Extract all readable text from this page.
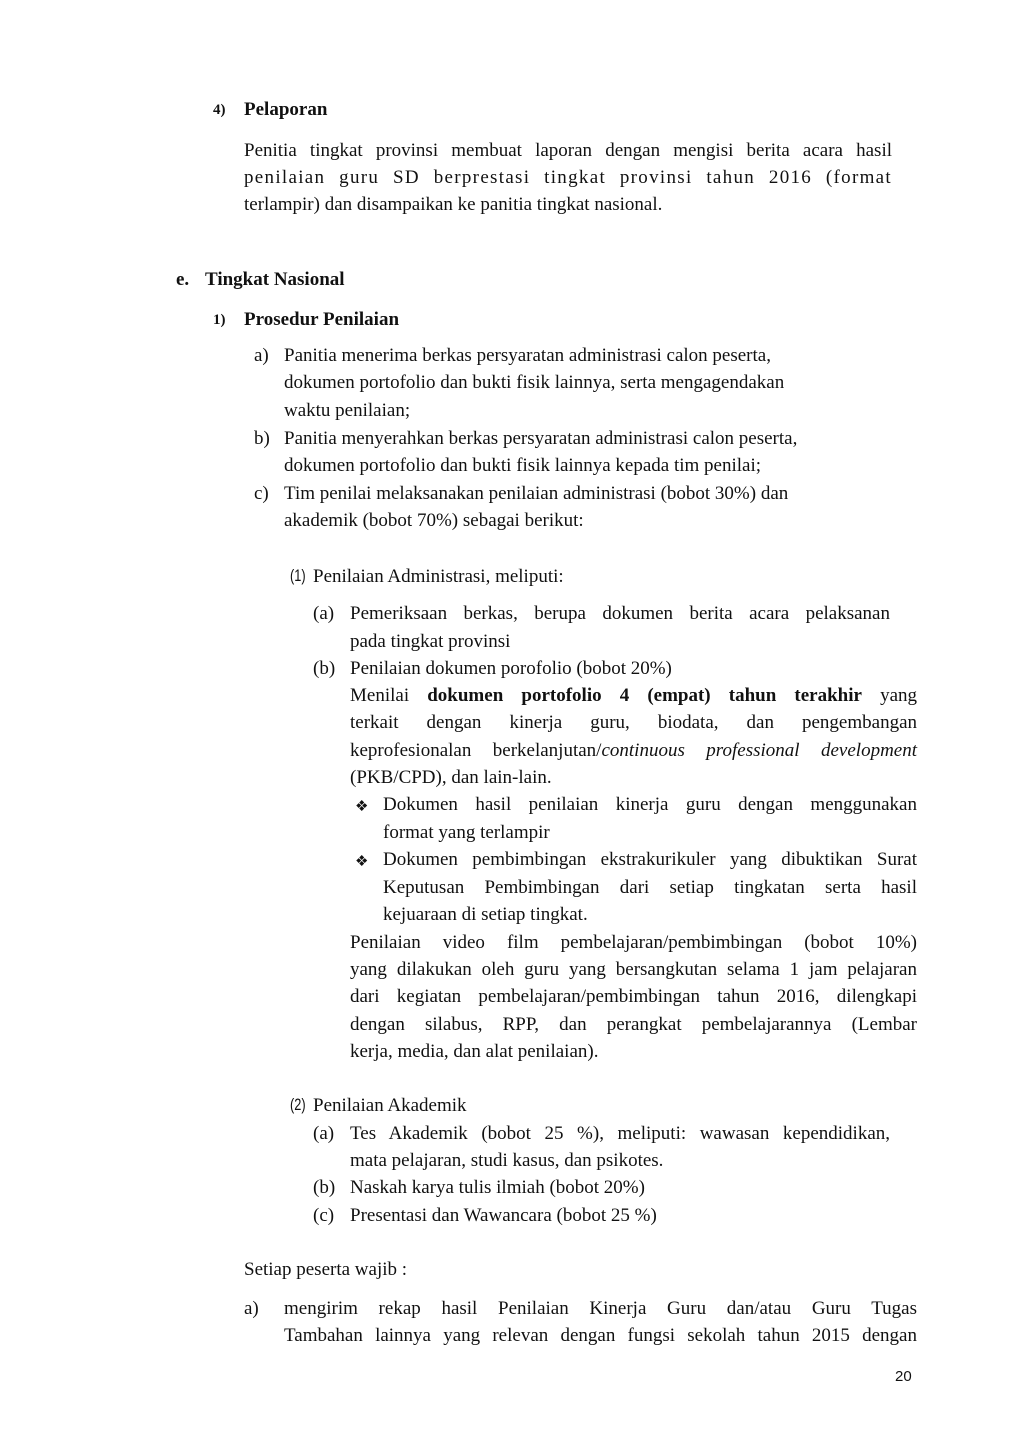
4) Pelaporan
Penitia tingkat provinsi membuat laporan dengan mengisi berita acara hasil
penilaian guru SD berprestasi tingkat provinsi tahun 2016 (format
terlampir) dan disampaikan ke panitia tingkat nasional.
e. Tingkat Nasional
1) Prosedur Penilaian
a) Panitia menerima berkas persyaratan administrasi calon peserta,
dokumen portofolio dan bukti fisik lainnya, serta mengagendakan
waktu penilaian;
b) Panitia menyerahkan berkas persyaratan administrasi calon peserta,
dokumen portofolio dan bukti fisik lainnya kepada tim penilai;
c) Tim penilai melaksanakan penilaian administrasi (bobot 30%) dan
akademik (bobot 70%) sebagai berikut:
(1) Penilaian Administrasi, meliputi:
(a) Pemeriksaan berkas, berupa dokumen berita acara pelaksanan
pada tingkat provinsi
(b) Penilaian dokumen porofolio (bobot 20%)
Menilai dokumen portofolio 4 (empat) tahun terakhir yang
terkait dengan kinerja guru, biodata, dan pengembangan
keprofesionalan berkelanjutan/continuous professional development
(PKB/CPD), dan lain-lain.
❖ Dokumen hasil penilaian kinerja guru dengan menggunakan
format yang terlampir
❖ Dokumen pembimbingan ekstrakurikuler yang dibuktikan Surat
Keputusan Pembimbingan dari setiap tingkatan serta hasil
kejuaraan di setiap tingkat.
Penilaian video film pembelajaran/pembimbingan (bobot 10%)
yang dilakukan oleh guru yang bersangkutan selama 1 jam pelajaran
dari kegiatan pembelajaran/pembimbingan tahun 2016, dilengkapi
dengan silabus, RPP, dan perangkat pembelajarannya (Lembar
kerja, media, dan alat penilaian).
(2) Penilaian Akademik
(a) Tes Akademik (bobot 25 %), meliputi: wawasan kependidikan,
mata pelajaran, studi kasus, dan psikotes.
(b) Naskah karya tulis ilmiah (bobot 20%)
(c) Presentasi dan Wawancara (bobot 25 %)
Setiap peserta wajib :
a) mengirim rekap hasil Penilaian Kinerja Guru dan/atau Guru Tugas
Tambahan lainnya yang relevan dengan fungsi sekolah tahun 2015 dengan
20
